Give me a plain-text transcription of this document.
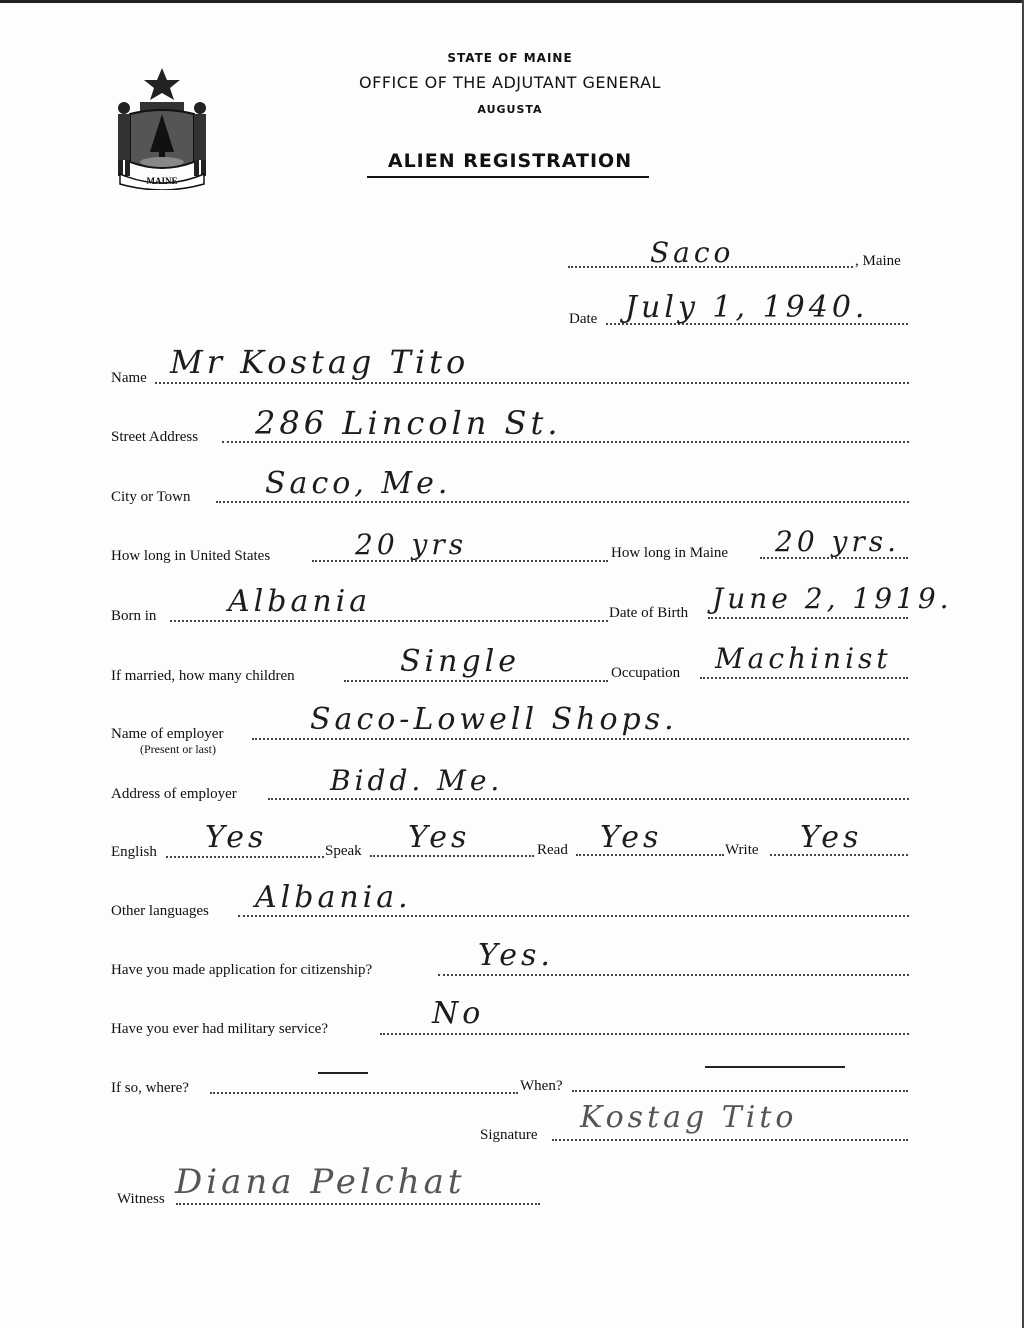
MAINE
STATE OF MAINE
OFFICE OF THE ADJUTANT GENERAL
AUGUSTA
ALIEN REGISTRATION
Saco	, Maine
Date July 1, 1940.
Name Mr Kostag Tito
Street Address 286 Lincoln St.
City or Town Saco, Me.
How long in United States	20 yrs	How long in Maine 20 yrs.
Born in Albania	Date of Birth June 2, 1919.
If married, how many children	Single	Occupation Machinist
Name of employer
(Present or last)
Saco-Lowell Shops.
Address of employer	Bidd. Me.
English Yes	Speak Yes	Read Yes	Write Yes
Other languages Albania.
Have you made application for citizenship?	Yes.
Have you ever had military service?	No
If so, where?	When?
Signature Kostag Tito
Witness Diana Pelchat
